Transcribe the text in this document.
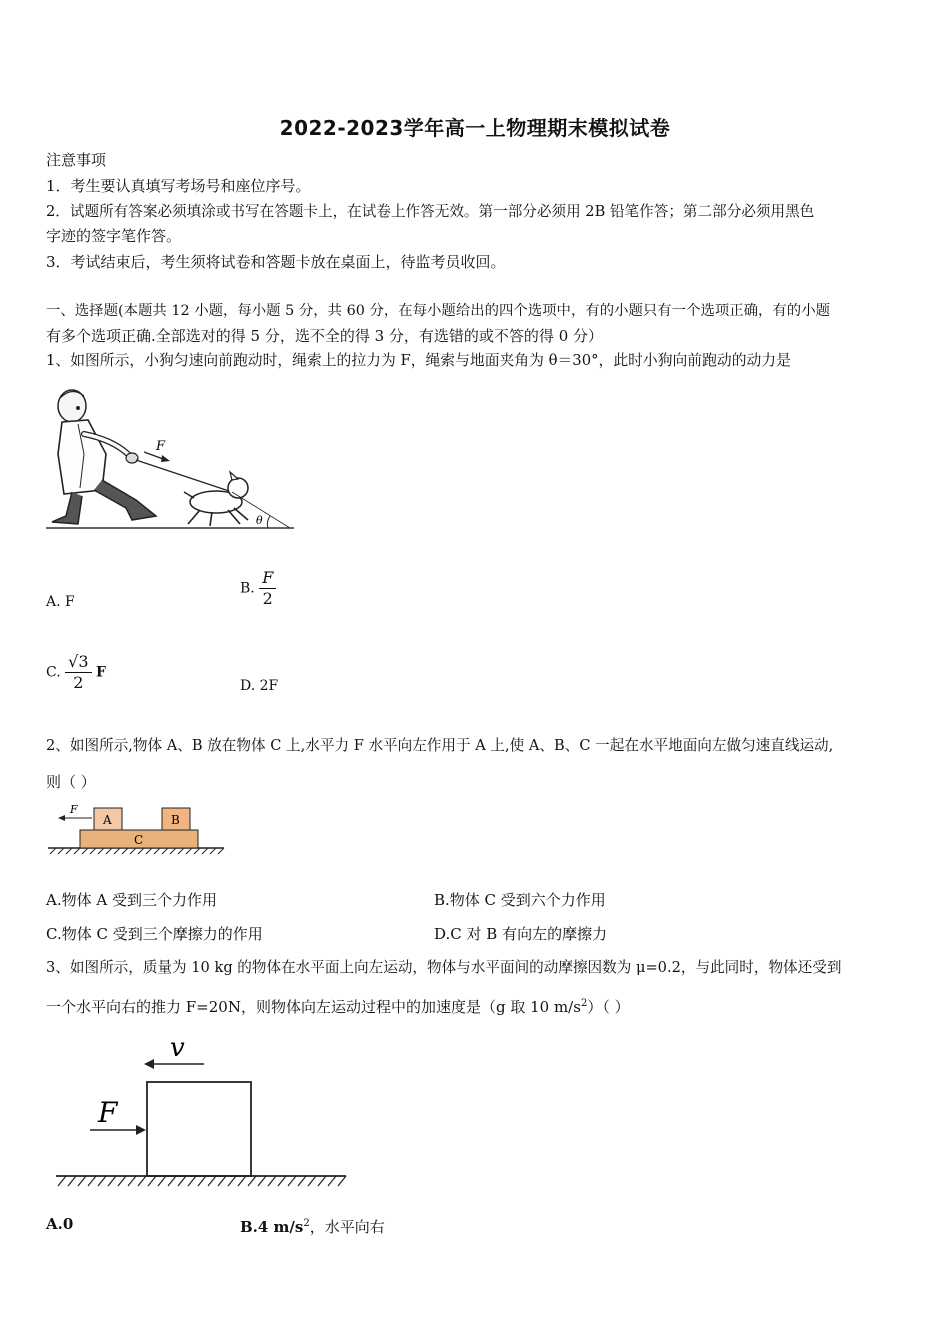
2022-2023学年高一上物理期末模拟试卷
注意事项
1．考生要认真填写考场号和座位序号。
2．试题所有答案必须填涂或书写在答题卡上，在试卷上作答无效。第一部分必须用 2B 铅笔作答；第二部分必须用黑色
字迹的签字笔作答。
3．考试结束后，考生须将试卷和答题卡放在桌面上，待监考员收回。
一、选择题(本题共 12 小题，每小题 5 分，共 60 分，在每小题给出的四个选项中，有的小题只有一个选项正确，有的小题
有多个选项正确.全部选对的得 5 分，选不全的得 3 分，有选错的或不答的得 0 分）
1、如图所示，小狗匀速向前跑动时，绳索上的拉力为 F，绳索与地面夹角为 θ＝30°，此时小狗向前跑动的动力是
F
θ
A. F
B. $\frac{F}{2}$
C. $\frac{√3}{2}$ F
D. 2F
2、如图所示,物体 A、B 放在物体 C 上,水平力 F 水平向左作用于 A 上,使 A、B、C 一起在水平地面向左做匀速直线运动,
则（ ）
F
A	B
C
A.物体 A 受到三个力作用	B.物体 C 受到六个力作用
C.物体 C 受到三个摩擦力的作用	D.C 对 B 有向左的摩擦力
3、如图所示，质量为 10 kg 的物体在水平面上向左运动，物体与水平面间的动摩擦因数为 μ=0.2，与此同时，物体还受到
一个水平向右的推力 F=20N，则物体向左运动过程中的加速度是（g 取 10 $m/s^2$）（ ）
v
F
A.0	B.4 $m/s^2$，水平向右
